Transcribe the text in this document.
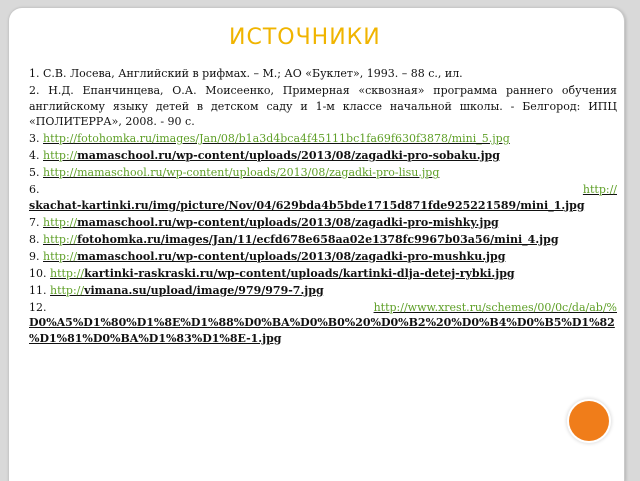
ИСТОЧНИКИ

1. С.В. Лосева, Английский в рифмах. – М.; АО «Буклет», 1993. – 88 с., ил.

2. Н.Д. Епанчинцева, О.А. Моисеенко, Примерная «сквозная» программа раннего обучения английскому языку детей в детском саду и 1-м классе начальной школы. - Белгород: ИПЦ «ПОЛИТЕРРА», 2008. - 90 с.

3. http://fotohomka.ru/images/Jan/08/b1a3d4bca4f45111bc1fa69f630f3878/mini_5.jpg

4. http://mamaschool.ru/wp-content/uploads/2013/08/zagadki-pro-sobaku.jpg

5. http://mamaschool.ru/wp-content/uploads/2013/08/zagadki-pro-lisu.jpg

6.	http://
skachat-kartinki.ru/img/picture/Nov/04/629bda4b5bde1715d871fde925221589/mini_1.jpg

7. http://mamaschool.ru/wp-content/uploads/2013/08/zagadki-pro-mishky.jpg

8. http://fotohomka.ru/images/Jan/11/ecfd678e658aa02e1378fc9967b03a56/mini_4.jpg

9. http://mamaschool.ru/wp-content/uploads/2013/08/zagadki-pro-mushku.jpg

10. http://kartinki-raskraski.ru/wp-content/uploads/kartinki-dlja-detej-rybki.jpg

11. http://vimana.su/upload/image/979/979-7.jpg

12.	http://www.xrest.ru/schemes/00/0c/da/ab/%
D0%A5%D1%80%D1%8E%D1%88%D0%BA%D0%B0%20%D0%B2%20%D0%B4%D0%B5%D1%82%D1%81%D0%BA%D1%83%D1%8E-1.jpg
